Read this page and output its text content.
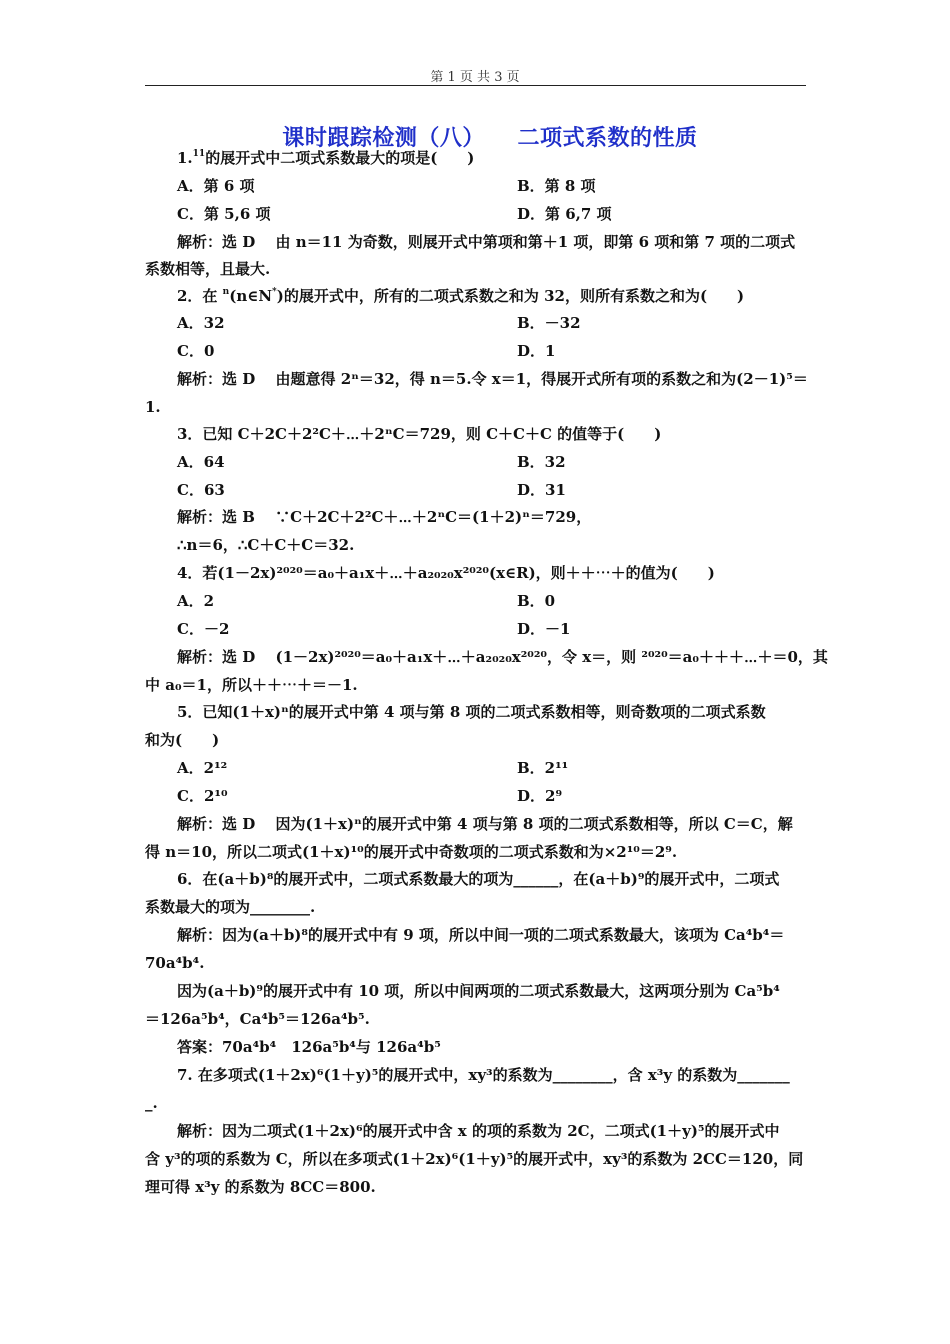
第 1 页 共 3 页
课时跟踪检测（八）    二项式系数的性质
1.11的展开式中二项式系数最大的项是(　　)
A．第 6 项	B．第 8 项
C．第 5,6 项	D．第 6,7 项
解析：选 D　 由 n＝11 为奇数，则展开式中第项和第＋1 项，即第 6 项和第 7 项的二项式
系数相等，且最大.
2．在 $^n$(n∈N*)的展开式中，所有的二项式系数之和为 32，则所有系数之和为(　　)
A．32	B．－32
C．0	D．1
解析：选 D　 由题意得 2ⁿ＝32，得 n＝5.令 x＝1，得展开式所有项的系数之和为(2－1)⁵＝
1.
3．已知 C＋2C＋2²C＋⋯＋2ⁿC＝729，则 C＋C＋C 的值等于(　　)
A．64	B．32
C．63	D．31
解析：选 B　 ∵C＋2C＋2²C＋⋯＋2ⁿC＝(1＋2)ⁿ＝729，
∴n＝6，∴C＋C＋C＝32.
4．若(1－2x)²⁰²⁰＝a₀＋a₁x＋⋯＋a₂₀₂₀x²⁰²⁰(x∈R)，则＋＋⋯＋的值为(　　)
A．2	B．0
C．－2	D．－1
解析：选 D　 (1－2x)²⁰²⁰＝a₀＋a₁x＋⋯＋a₂₀₂₀x²⁰²⁰，令 x＝，则 ²⁰²⁰＝a₀＋＋＋⋯＋＝0，其
中 a₀＝1，所以＋＋⋯＋＝－1.
5．已知(1＋x)ⁿ的展开式中第 4 项与第 8 项的二项式系数相等，则奇数项的二项式系数
和为(　　)
A．2¹²	B．2¹¹
C．2¹⁰	D．2⁹
解析：选 D　 因为(1＋x)ⁿ的展开式中第 4 项与第 8 项的二项式系数相等，所以 C＝C，解
得 n＝10，所以二项式(1＋x)¹⁰的展开式中奇数项的二项式系数和为×2¹⁰＝2⁹.
6．在(a＋b)⁸的展开式中，二项式系数最大的项为______，在(a＋b)⁹的展开式中，二项式
系数最大的项为________.
解析：因为(a＋b)⁸的展开式中有 9 项，所以中间一项的二项式系数最大，该项为 Ca⁴b⁴＝
70a⁴b⁴.
因为(a＋b)⁹的展开式中有 10 项，所以中间两项的二项式系数最大，这两项分别为 Ca⁵b⁴
＝126a⁵b⁴，Ca⁴b⁵＝126a⁴b⁵.
答案：70a⁴b⁴　126a⁵b⁴与 126a⁴b⁵
7. 在多项式(1＋2x)⁶(1＋y)⁵的展开式中，xy³的系数为________，含 x³y 的系数为_______
_.
解析：因为二项式(1＋2x)⁶的展开式中含 x 的项的系数为 2C，二项式(1＋y)⁵的展开式中
含 y³的项的系数为 C，所以在多项式(1＋2x)⁶(1＋y)⁵的展开式中，xy³的系数为 2CC＝120，同
理可得 x³y 的系数为 8CC＝800.
